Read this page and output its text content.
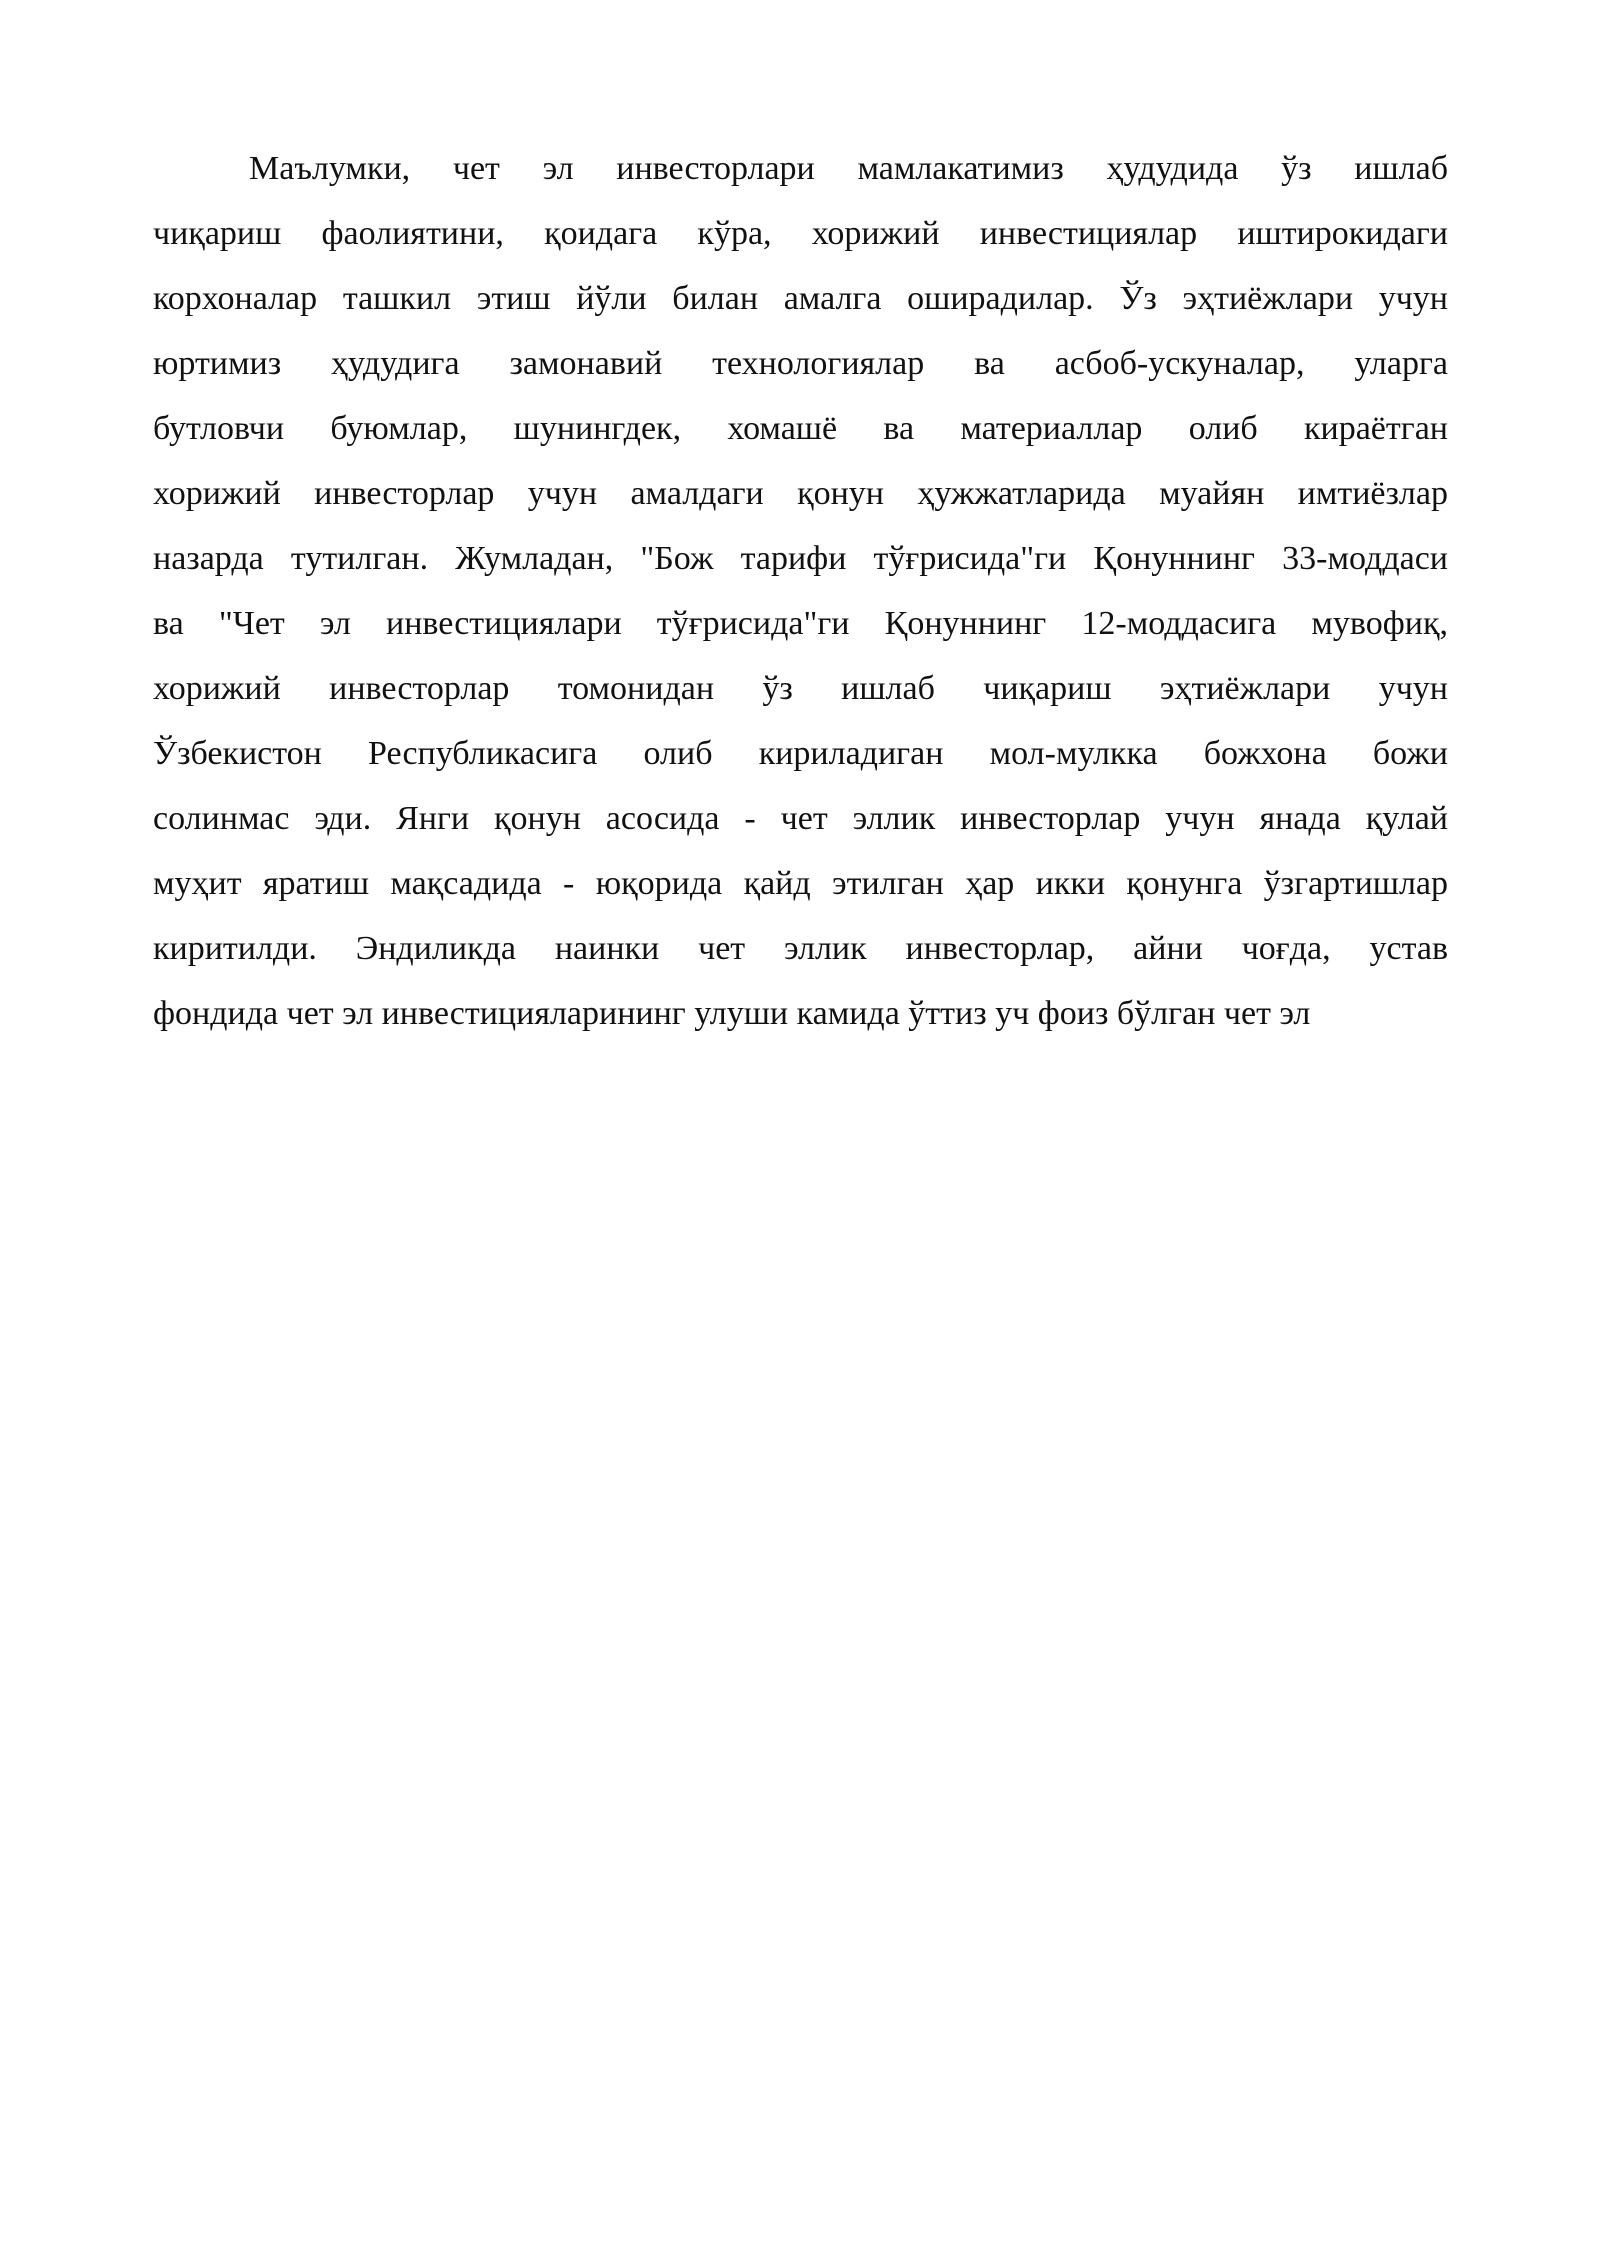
Маълумки, чет эл инвесторлари мамлакатимиз ҳудудида ўз ишлаб
чиқариш фаолиятини, қоидага кўра, хорижий инвестициялар иштирокидаги
корхоналар ташкил этиш йўли билан амалга оширадилар. Ўз эҳтиёжлари учун
юртимиз ҳудудига замонавий технологиялар ва асбоб-ускуналар, уларга
бутловчи буюмлар, шунингдек, хомашё ва материаллар олиб кираётган
хорижий инвесторлар учун амалдаги қонун ҳужжатларида муайян имтиёзлар
назарда тутилган. Жумладан, "Бож тарифи тўғрисида"ги Қонуннинг 33-моддаси
ва "Чет эл инвестициялари тўғрисида"ги Қонуннинг 12-моддасига мувофиқ,
хорижий инвесторлар томонидан ўз ишлаб чиқариш эҳтиёжлари учун
Ўзбекистон Республикасига олиб кириладиган мол-мулкка божхона божи
солинмас эди. Янги қонун асосида - чет эллик инвесторлар учун янада қулай
муҳит яратиш мақсадида - юқорида қайд этилган ҳар икки қонунга ўзгартишлар
киритилди. Эндиликда наинки чет эллик инвесторлар, айни чоғда, устав
фондида чет эл инвестицияларининг улуши камида ўттиз уч фоиз бўлган чет эл
